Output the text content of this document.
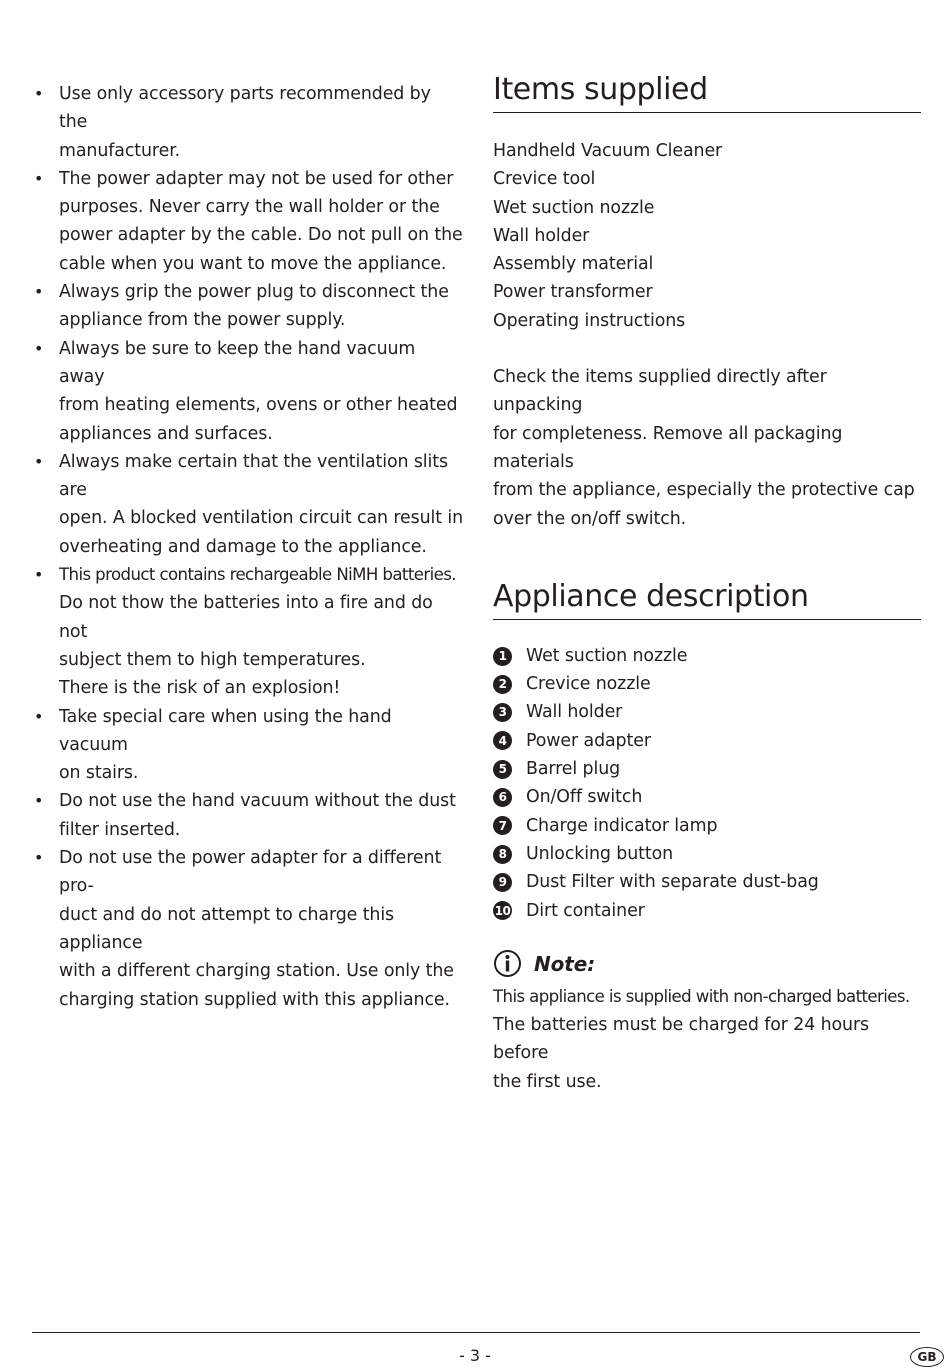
• Use only accessory parts recommended by the
manufacturer.
• The power adapter may not be used for other
purposes. Never carry the wall holder or the
power adapter by the cable. Do not pull on the
cable when you want to move the appliance.
• Always grip the power plug to disconnect the
appliance from the power supply.
• Always be sure to keep the hand vacuum away
from heating elements, ovens or other heated
appliances and surfaces.
• Always make certain that the ventilation slits are
open. A blocked ventilation circuit can result in
overheating and damage to the appliance.
• This product contains rechargeable NiMH batteries.
Do not thow the batteries into a fire and do not
subject them to high temperatures.
There is the risk of an explosion!
• Take special care when using the hand vacuum
on stairs.
• Do not use the hand vacuum without the dust
filter inserted.
• Do not use the power adapter for a different pro-
duct and do not attempt to charge this appliance
with a different charging station. Use only the
charging station supplied with this appliance.
Items supplied
Handheld Vacuum Cleaner
Crevice tool
Wet suction nozzle
Wall holder
Assembly material
Power transformer
Operating instructions

Check the items supplied directly after unpacking
for completeness. Remove all packaging materials
from the appliance, especially the protective cap
over the on/off switch.

Appliance description
1	Wet suction nozzle
2	Crevice nozzle
3	Wall holder
4	Power adapter
5	Barrel plug
6	On/Off switch
7	Charge indicator lamp
8	Unlocking button
9	Dust Filter with separate dust-bag
10 Dirt container
Note:
This appliance is supplied with non-charged batteries.
The batteries must be charged for 24 hours before
the first use.
- 3 -	GB
